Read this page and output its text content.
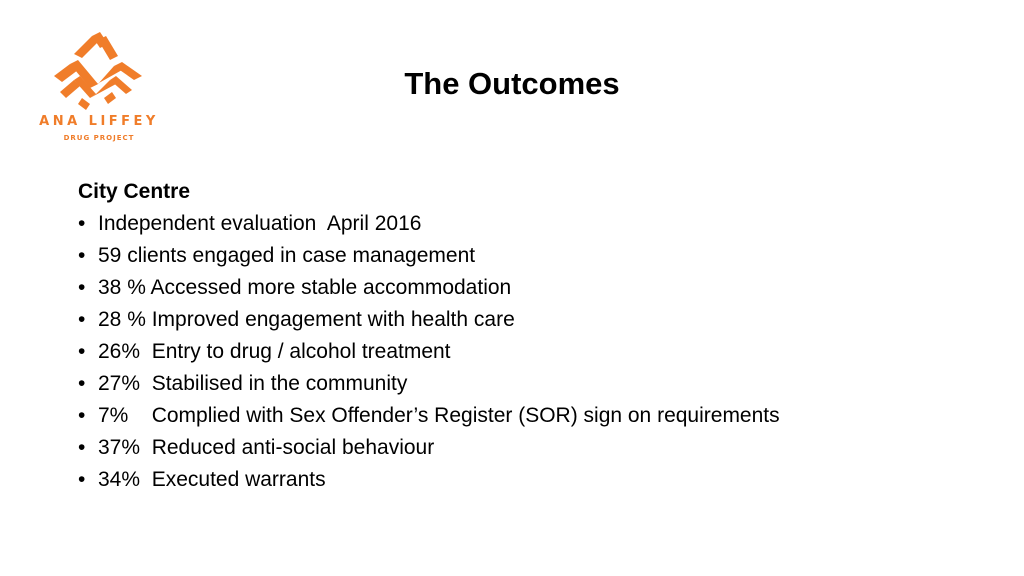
ANA LIFFEY
DRUG PROJECT
The Outcomes
City Centre
• Independent evaluation  April 2016
• 59 clients engaged in case management
• 38 % Accessed more stable accommodation
• 28 % Improved engagement with health care
• 26%  Entry to drug / alcohol treatment
• 27%  Stabilised in the community
• 7%    Complied with Sex Offender’s Register (SOR) sign on requirements
• 37%  Reduced anti-social behaviour
• 34%  Executed warrants
